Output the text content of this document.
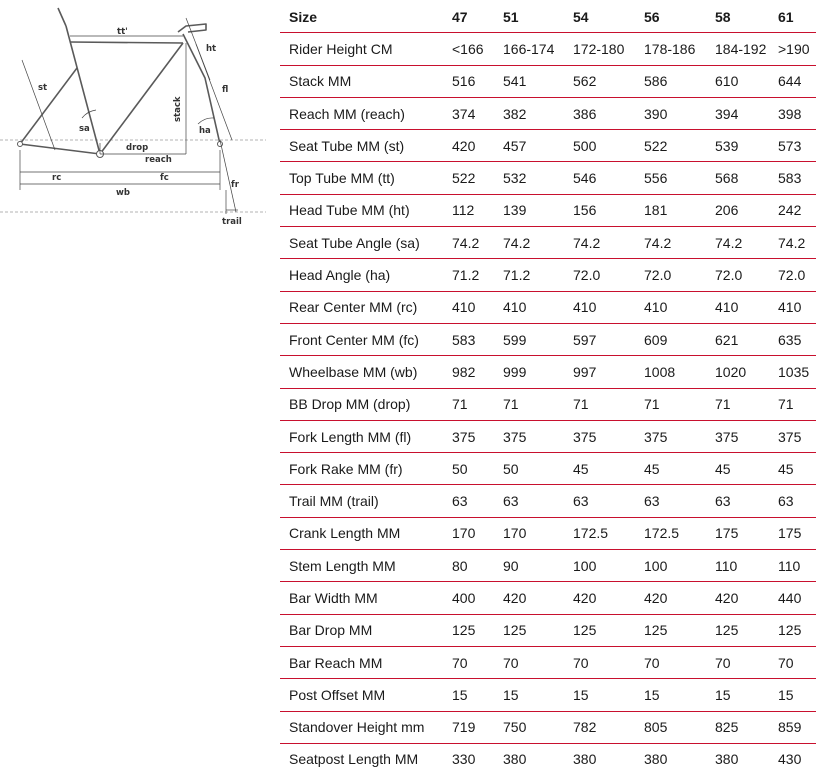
tt'
ht
st	fl
stack
sa	ha
drop
reach
rc	fc
fr
wb
trail
Size	47	51	54	56	58	61
Rider Height CM	<166	166-174	172-180	178-186	184-192	>190
Stack MM	516	541	562	586	610	644
Reach MM (reach)	374	382	386	390	394	398
Seat Tube MM (st)	420	457	500	522	539	573
Top Tube MM (tt)	522	532	546	556	568	583
Head Tube MM (ht)	112	139	156	181	206	242
Seat Tube Angle (sa)	74.2	74.2	74.2	74.2	74.2	74.2
Head Angle (ha)	71.2	71.2	72.0	72.0	72.0	72.0
Rear Center MM (rc)	410	410	410	410	410	410
Front Center MM (fc)	583	599	597	609	621	635
Wheelbase MM (wb)	982	999	997	1008	1020	1035
BB Drop MM (drop)	71	71	71	71	71	71
Fork Length MM (fl)	375	375	375	375	375	375
Fork Rake MM (fr)	50	50	45	45	45	45
Trail MM (trail)	63	63	63	63	63	63
Crank Length MM	170	170	172.5	172.5	175	175
Stem Length MM	80	90	100	100	110	110
Bar Width MM	400	420	420	420	420	440
Bar Drop MM	125	125	125	125	125	125
Bar Reach MM	70	70	70	70	70	70
Post Offset MM	15	15	15	15	15	15
Standover Height mm	719	750	782	805	825	859
Seatpost Length MM	330	380	380	380	380	430
